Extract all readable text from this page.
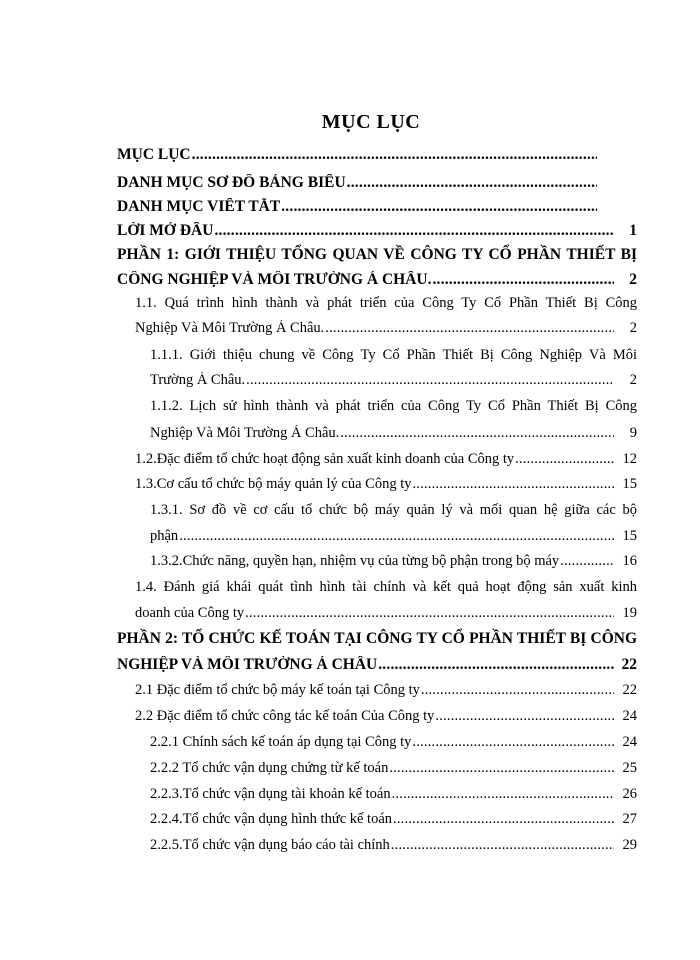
MỤC LỤC
MỤC LỤC
.....
DANH MỤC SƠ ĐỒ BẢNG BIỂU
.....
DANH MỤC VIẾT TẮT
.....
LỜI MỞ ĐẦU .....	1
PHẦN 1: GIỚI THIỆU TỔNG QUAN VỀ CÔNG TY CỔ PHẦN THIẾT BỊ
CÔNG NGHIỆP VÀ MÔI TRƯỜNG Á CHÂU. .....	2
1.1. Quá trình hình thành và phát triển của Công Ty Cổ Phần Thiết Bị Công
Nghiệp Và Môi Trường Á Châu. .....	2
1.1.1. Giới thiệu chung về Công Ty Cổ Phần Thiết Bị Công Nghiệp Và Môi
Trường Á Châu. .....	2
1.1.2. Lịch sử hình thành và phát triển của Công Ty Cổ Phần Thiết Bị Công
Nghiệp Và Môi Trường Á Châu. .....	9
1.2.Đặc điểm tổ chức hoạt động sản xuất kinh doanh của Công ty .....	12
1.3.Cơ cấu tổ chức bộ máy quản lý của Công ty .....	15
1.3.1. Sơ đồ về cơ cấu tổ chức bộ máy quản lý và mối quan hệ giữa các bộ
phận .....	15
1.3.2.Chức năng, quyền hạn, nhiệm vụ của từng bộ phận trong bộ máy .....	16
1.4. Đánh giá khái quát tình hình tài chính và kết quả hoạt động sản xuất kinh
doanh của Công ty .....	19
PHẦN 2: TỔ CHỨC KẾ TOÁN TẠI CÔNG TY CỔ PHẦN THIẾT BỊ CÔNG
NGHIỆP VÀ MÔI TRƯỜNG Á CHÂU .....	22
2.1 Đặc điểm tổ chức bộ máy kế toán tại Công ty .....	22
2.2 Đặc điểm tổ chức công tác kế toán Của Công ty .....	24
2.2.1 Chính sách kế toán áp dụng tại Công ty .....	24
2.2.2 Tổ chức vận dụng chứng từ kế toán .....	25
2.2.3.Tổ chức vận dụng tài khoản kế toán .....	26
2.2.4.Tổ chức vận dụng hình thức kế toán .....	27
2.2.5.Tổ chức vận dụng báo cáo tài chính .....	29
